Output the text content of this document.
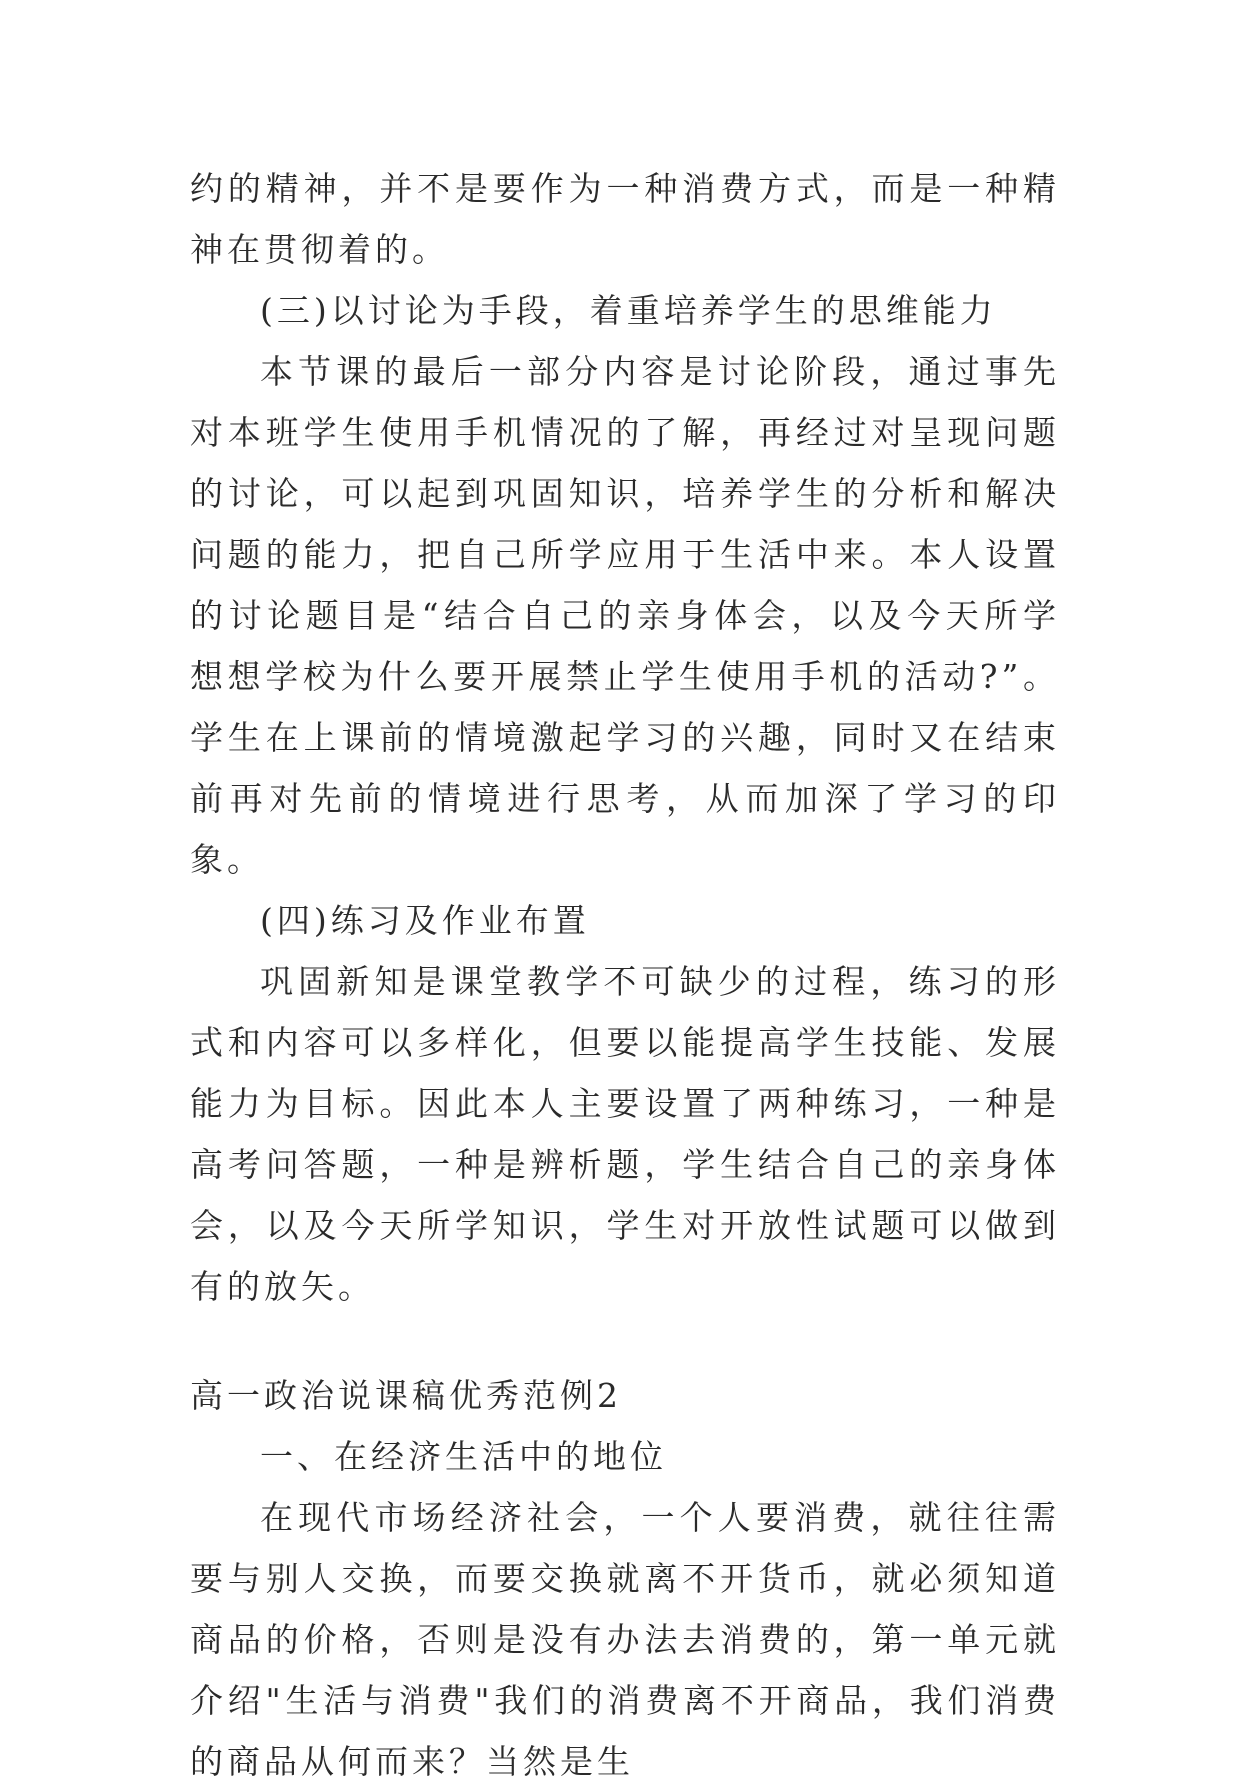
约的精神，并不是要作为一种消费方式，而是一种精神在贯彻着的。

(三)以讨论为手段，着重培养学生的思维能力

本节课的最后一部分内容是讨论阶段，通过事先对本班学生使用手机情况的了解，再经过对呈现问题的讨论，可以起到巩固知识，培养学生的分析和解决问题的能力，把自己所学应用于生活中来。本人设置的讨论题目是“结合自己的亲身体会，以及今天所学想想学校为什么要开展禁止学生使用手机的活动?”。学生在上课前的情境激起学习的兴趣，同时又在结束前再对先前的情境进行思考，从而加深了学习的印象。

(四)练习及作业布置

巩固新知是课堂教学不可缺少的过程，练习的形式和内容可以多样化，但要以能提高学生技能、发展能力为目标。因此本人主要设置了两种练习，一种是高考问答题，一种是辨析题，学生结合自己的亲身体会，以及今天所学知识，学生对开放性试题可以做到有的放矢。

高一政治说课稿优秀范例2

一、在经济生活中的地位

在现代市场经济社会，一个人要消费，就往往需要与别人交换，而要交换就离不开货币，就必须知道商品的价格，否则是没有办法去消费的，第一单元就介绍"生活与消费"我们的消费离不开商品，我们消费的商品从何而来？当然是生
